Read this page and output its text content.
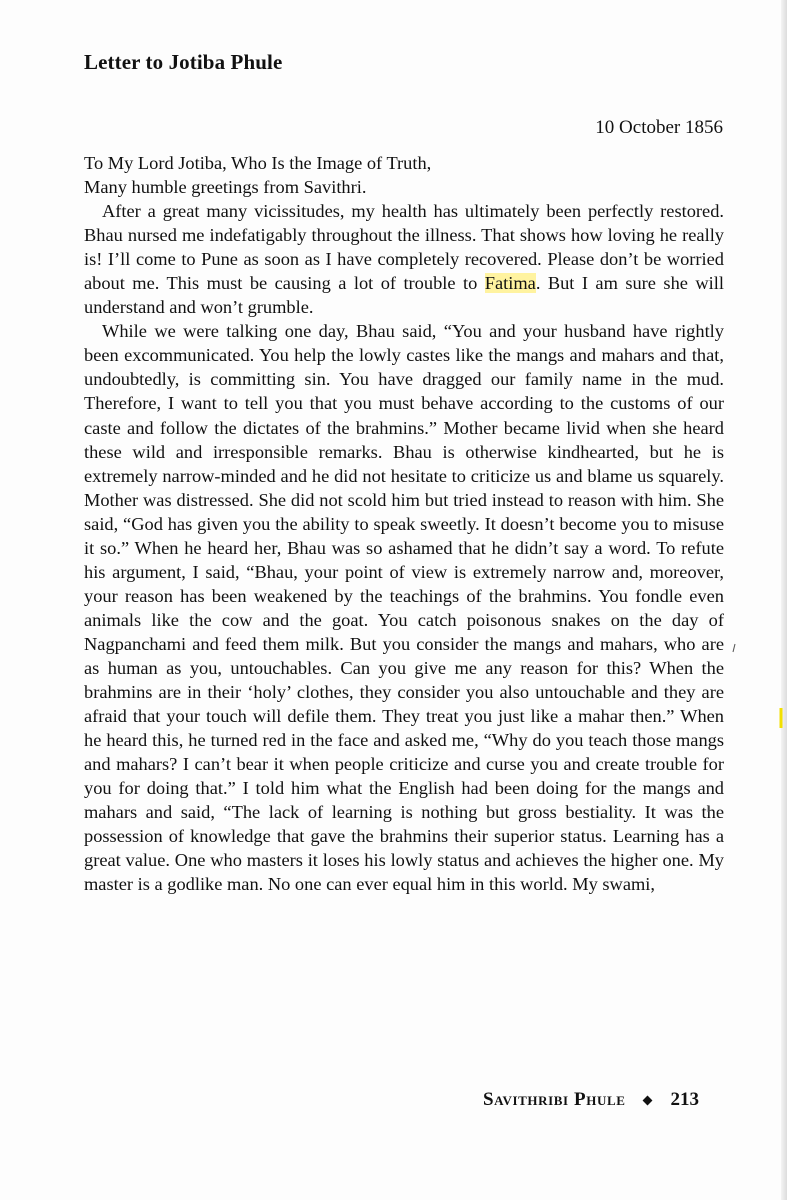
Letter to Jotiba Phule
10 October 1856

To My Lord Jotiba, Who Is the Image of Truth,

Many humble greetings from Savithri.

After a great many vicissitudes, my health has ultimately been perfectly restored. Bhau nursed me indefatigably throughout the illness. That shows how loving he really is! I’ll come to Pune as soon as I have completely recovered. Please don’t be worried about me. This must be causing a lot of trouble to Fatima. But I am sure she will understand and won’t grumble.

While we were talking one day, Bhau said, “You and your husband have rightly been excommunicated. You help the lowly castes like the mangs and mahars and that, undoubtedly, is committing sin. You have dragged our family name in the mud. Therefore, I want to tell you that you must behave according to the customs of our caste and follow the dictates of the brahmins.” Mother became livid when she heard these wild and irresponsible remarks. Bhau is otherwise kindhearted, but he is extremely narrow-minded and he did not hesitate to criticize us and blame us squarely. Mother was distressed. She did not scold him but tried instead to reason with him. She said, “God has given you the ability to speak sweetly. It doesn’t become you to misuse it so.” When he heard her, Bhau was so ashamed that he didn’t say a word. To refute his argument, I said, “Bhau, your point of view is extremely narrow and, moreover, your reason has been weakened by the teachings of the brahmins. You fondle even animals like the cow and the goat. You catch poisonous snakes on the day of Nagpanchami and feed them milk. But you consider the mangs and mahars, who are as human as you, untouchables. Can you give me any reason for this? When the brahmins are in their ‘holy’ clothes, they consider you also untouchable and they are afraid that your touch will defile them. They treat you just like a mahar then.” When he heard this, he turned red in the face and asked me, “Why do you teach those mangs and mahars? I can’t bear it when people criticize and curse you and create trouble for you for doing that.” I told him what the English had been doing for the mangs and mahars and said, “The lack of learning is nothing but gross bestiality. It was the possession of knowledge that gave the brahmins their superior status. Learning has a great value. One who masters it loses his lowly status and achieves the higher one. My master is a godlike man. No one can ever equal him in this world. My swami,

Savithribi Phule 213
